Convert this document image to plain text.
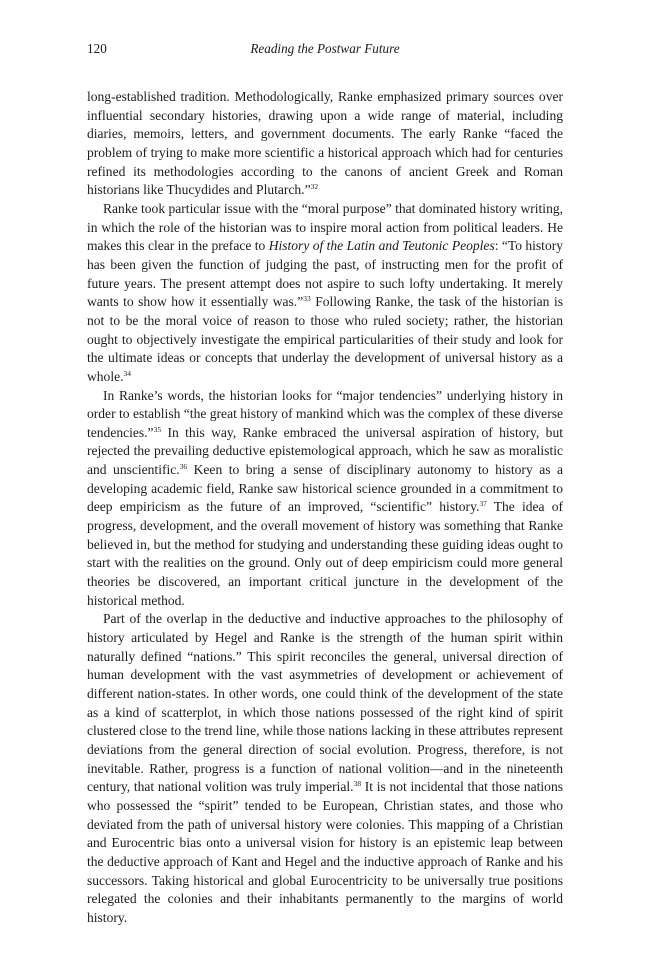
120	Reading the Postwar Future

long-established tradition. Methodologically, Ranke emphasized primary sources over influential secondary histories, drawing upon a wide range of material, including diaries, memoirs, letters, and government documents. The early Ranke “faced the problem of trying to make more scientific a historical approach which had for centuries refined its methodologies according to the canons of ancient Greek and Roman historians like Thucydides and Plutarch.”$^{32}$

Ranke took particular issue with the “moral purpose” that dominated history writing, in which the role of the historian was to inspire moral action from political leaders. He makes this clear in the preface to History of the Latin and Teutonic Peoples: “To history has been given the function of judging the past, of instructing men for the profit of future years. The present attempt does not aspire to such lofty undertaking. It merely wants to show how it essentially was.”$^{33}$ Following Ranke, the task of the historian is not to be the moral voice of reason to those who ruled society; rather, the historian ought to objectively investigate the empirical particularities of their study and look for the ultimate ideas or concepts that underlay the development of universal history as a whole.$^{34}$

In Ranke’s words, the historian looks for “major tendencies” underlying history in order to establish “the great history of mankind which was the complex of these diverse tendencies.”$^{35}$ In this way, Ranke embraced the universal aspiration of history, but rejected the prevailing deductive epistemological approach, which he saw as moralistic and unscientific.$^{36}$ Keen to bring a sense of disciplinary autonomy to history as a developing academic field, Ranke saw historical science grounded in a commitment to deep empiricism as the future of an improved, “scientific” history.$^{37}$ The idea of progress, development, and the overall movement of history was something that Ranke believed in, but the method for studying and understanding these guiding ideas ought to start with the realities on the ground. Only out of deep empiricism could more general theories be discovered, an important critical juncture in the development of the historical method.

Part of the overlap in the deductive and inductive approaches to the philosophy of history articulated by Hegel and Ranke is the strength of the human spirit within naturally defined “nations.” This spirit reconciles the general, universal direction of human development with the vast asymmetries of development or achievement of different nation-states. In other words, one could think of the development of the state as a kind of scatterplot, in which those nations possessed of the right kind of spirit clustered close to the trend line, while those nations lacking in these attributes represent deviations from the general direction of social evolution. Progress, therefore, is not inevitable. Rather, progress is a function of national volition—and in the nineteenth century, that national volition was truly imperial.$^{38}$ It is not incidental that those nations who possessed the “spirit” tended to be European, Christian states, and those who deviated from the path of universal history were colonies. This mapping of a Christian and Eurocentric bias onto a universal vision for history is an epistemic leap between the deductive approach of Kant and Hegel and the inductive approach of Ranke and his successors. Taking historical and global Eurocentricity to be universally true positions relegated the colonies and their inhabitants permanently to the margins of world history.
